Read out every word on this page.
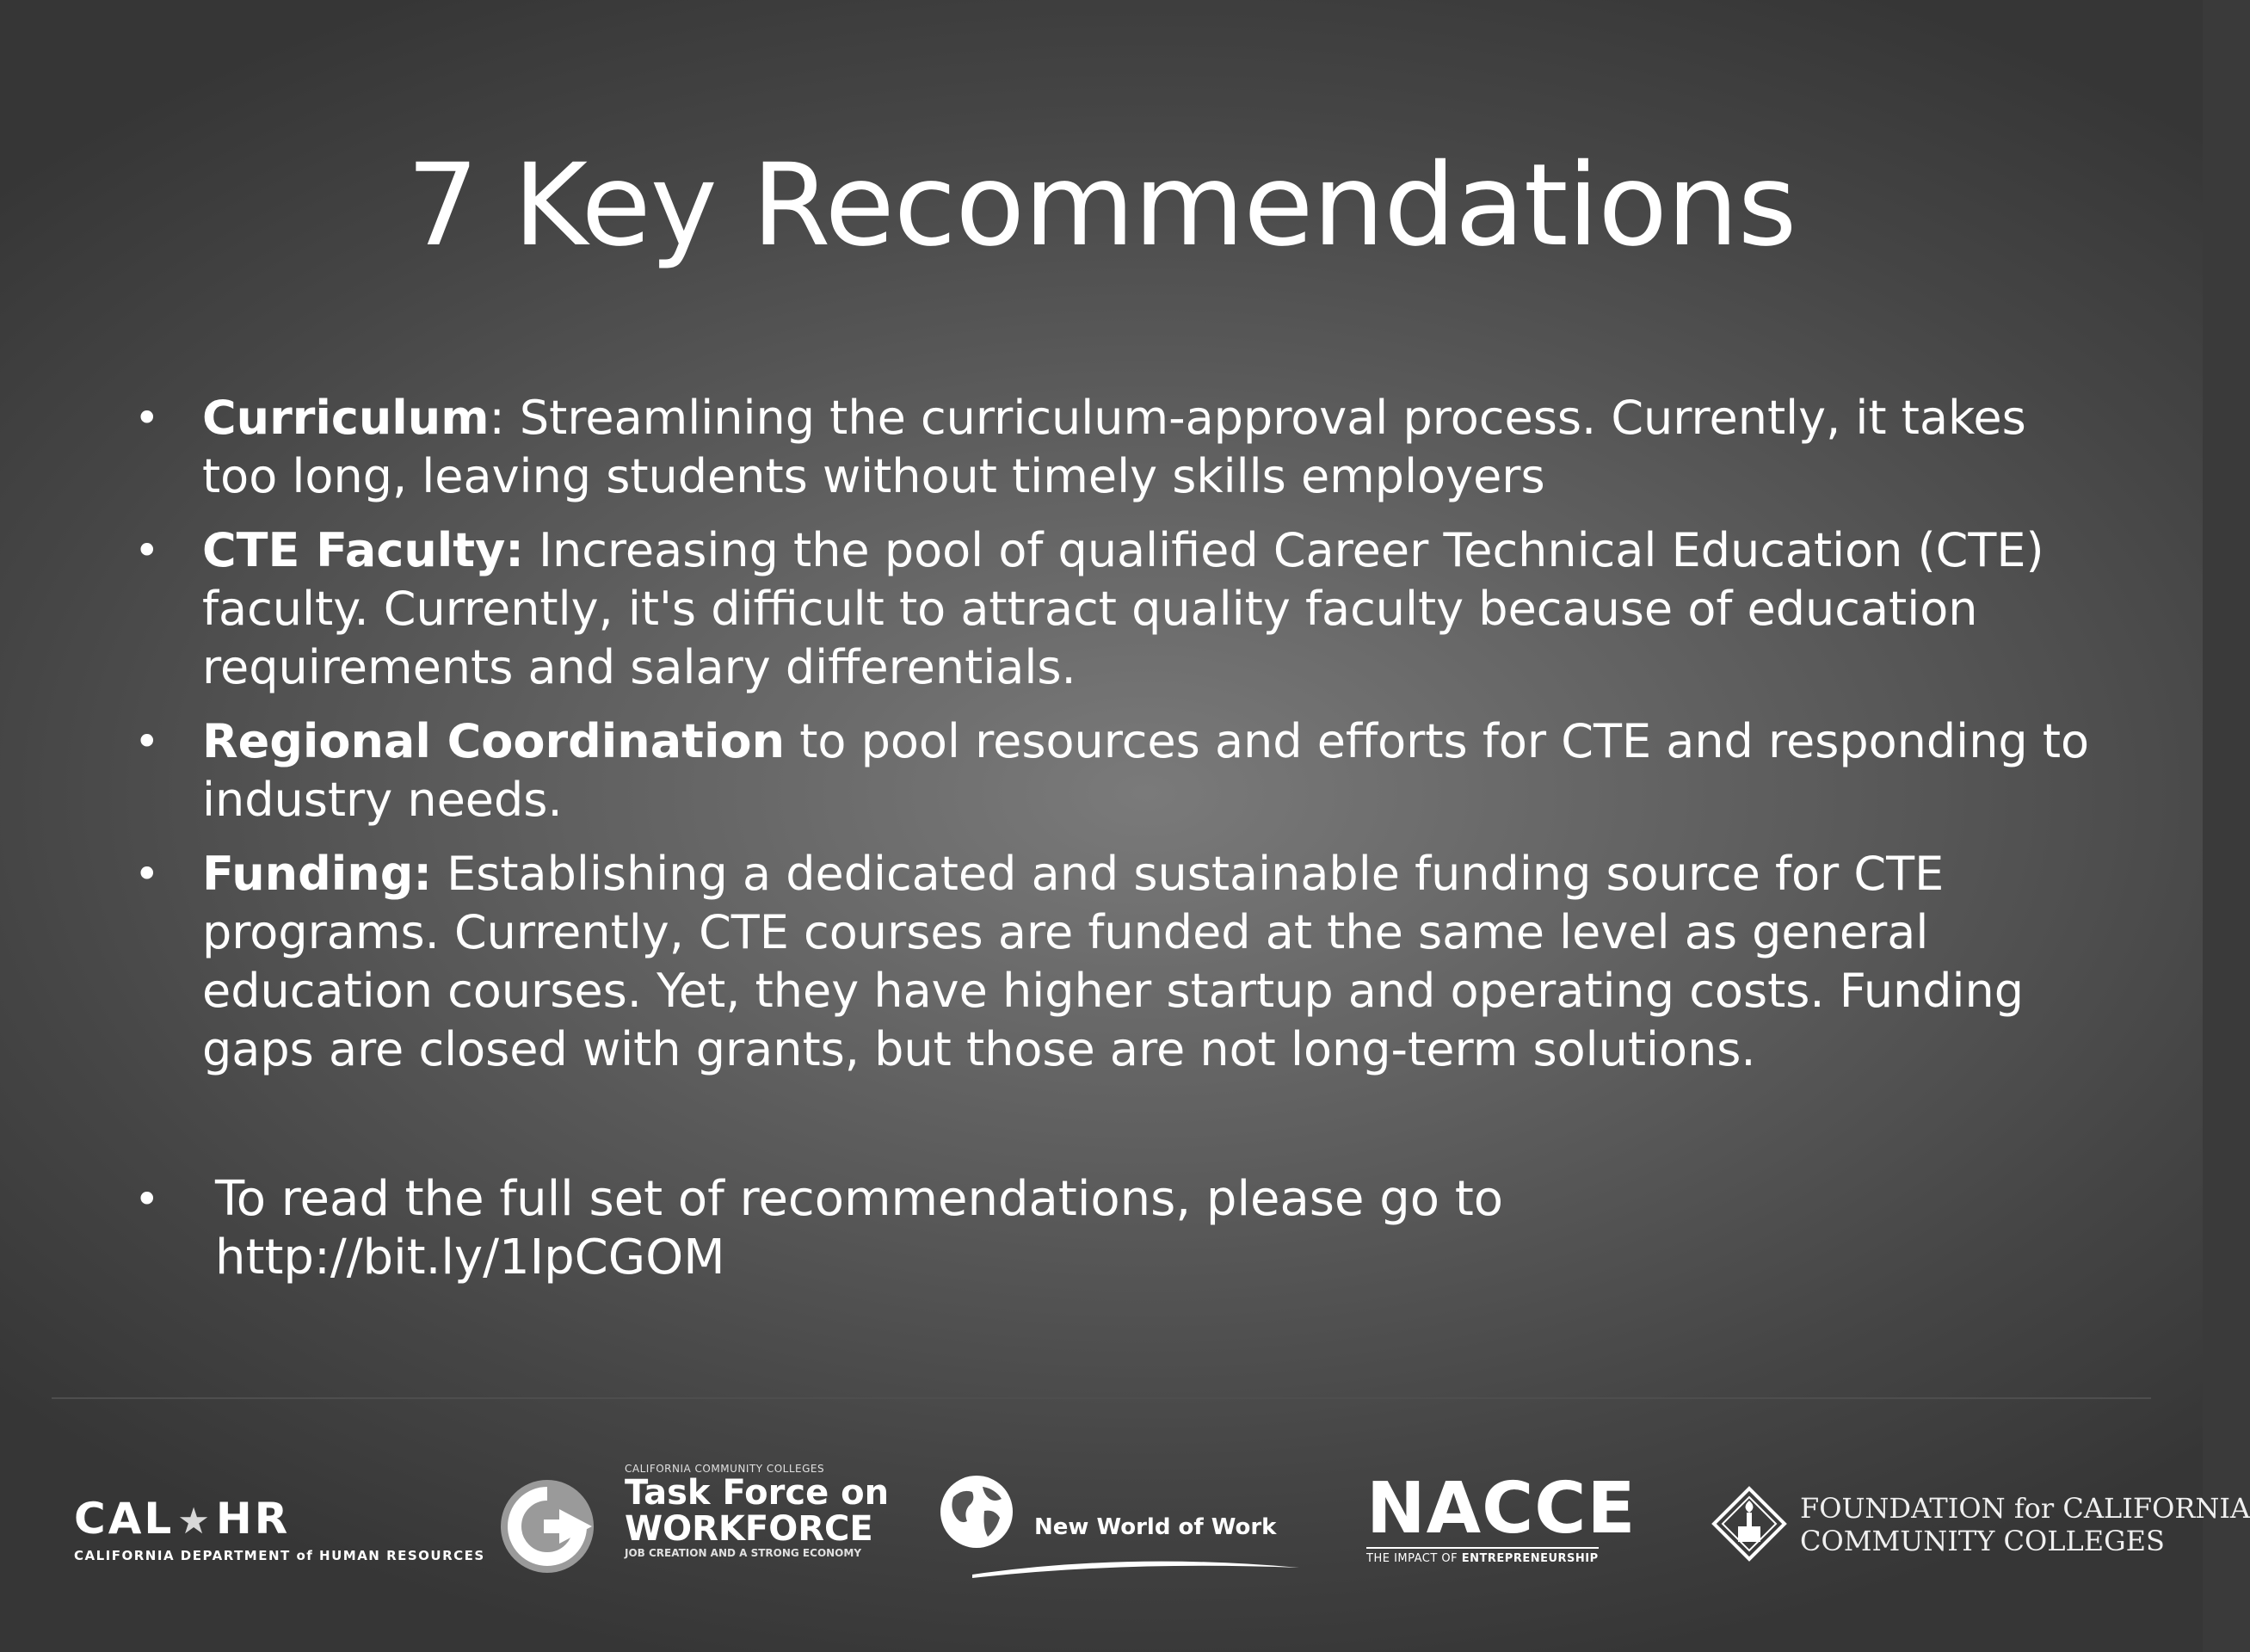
7 Key Recommendations
• Curriculum: Streamlining the curriculum-approval process. Currently, it takes too long, leaving students without timely skills employers
• CTE Faculty: Increasing the pool of qualified Career Technical Education (CTE) faculty. Currently, it's difficult to attract quality faculty because of education requirements and salary differentials.
• Regional Coordination to pool resources and efforts for CTE and responding to industry needs.
• Funding: Establishing a dedicated and sustainable funding source for CTE programs. Currently, CTE courses are funded at the same level as general education courses. Yet, they have higher startup and operating costs. Funding gaps are closed with grants, but those are not long-term solutions.
• To read the full set of recommendations, please go to
http://bit.ly/1IpCGOM
CAL★HR
CALIFORNIA DEPARTMENT of HUMAN RESOURCES
CALIFORNIA COMMUNITY COLLEGES
Task Force on
WORKFORCE
JOB CREATION AND A STRONG ECONOMY
New World of Work NACCE
THE IMPACT OF ENTREPRENEURSHIP
FOUNDATION for CALIFORNIA
COMMUNITY COLLEGES
